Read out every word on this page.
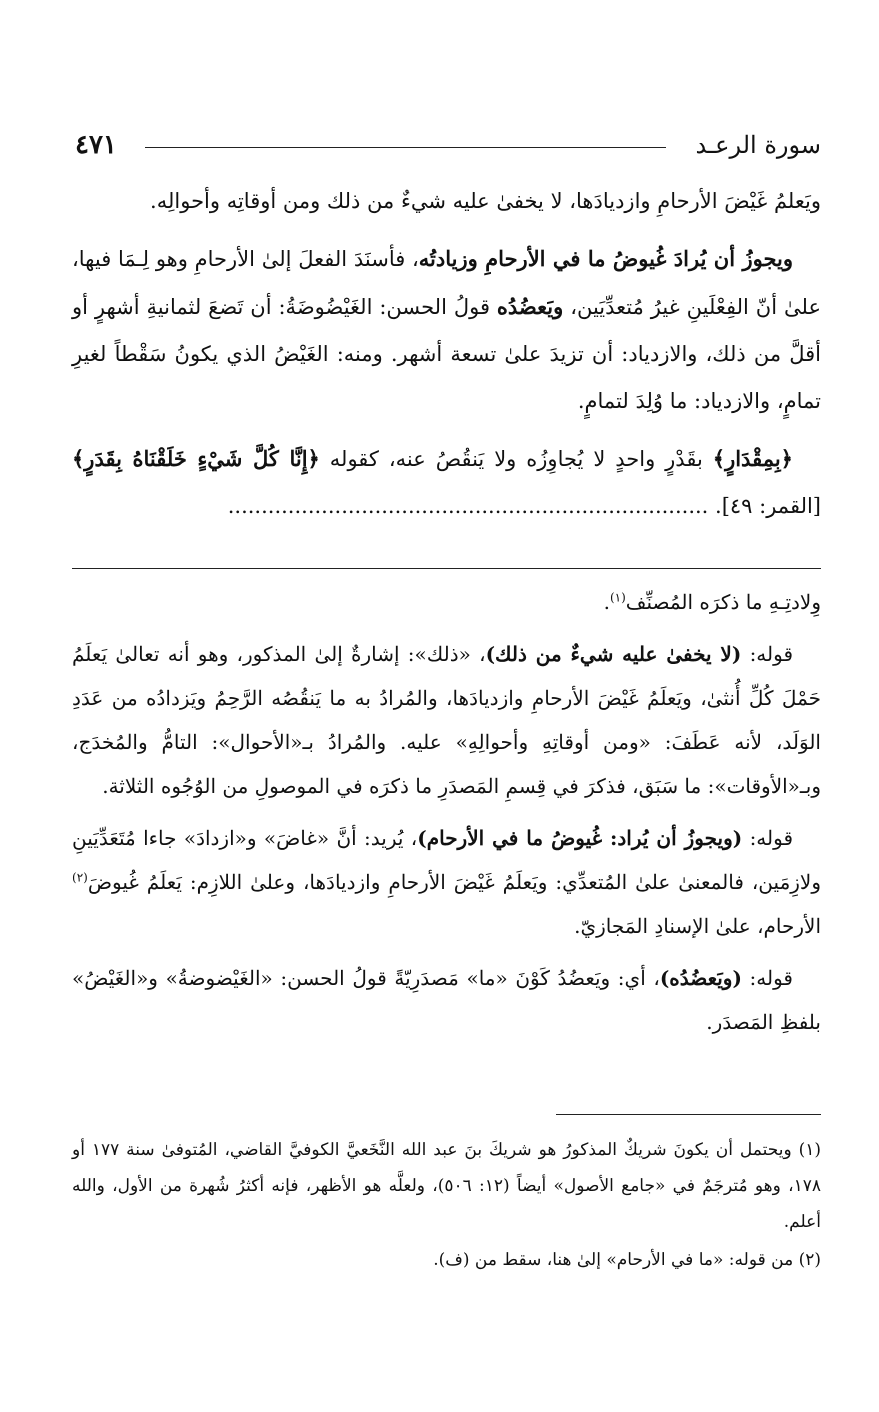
سورة الرعـد
٤٧١

ويَعلمُ غَيْضَ الأرحامِ وازديادَها، لا يخفىٰ عليه شيءٌ من ذلك ومن أوقاتِه وأحوالِه.

ويجوزُ أن يُرادَ غُيوضُ ما في الأرحامِ وزيادتُه، فأسنَدَ الفعلَ إلىٰ الأرحامِ وهو لِـمَا فيها، علىٰ أنّ الفِعْلَينِ غيرُ مُتعدِّيَين، ويَعضُدُه قولُ الحسن: الغَيْضُوضَةُ: أن تَضعَ لثمانيةِ أشهرٍ أو أقلَّ من ذلك، والازدياد: أن تزيدَ علىٰ تسعة أشهر. ومنه: الغَيْضُ الذي يكونُ سَقْطاً لغيرِ تمامٍ، والازدياد: ما وُلِدَ لتمامٍ.

﴿بِمِقْدَارٍ﴾ بقَدْرٍ واحدٍ لا يُجاوِزُه ولا يَنقُصُ عنه، كقوله ﴿إِنَّا كُلَّ شَيْءٍ خَلَقْنَاهُ بِقَدَرٍ﴾ [القمر: ٤٩]. ........................................................................

وِلادتِـهِ ما ذكرَه المُصنِّف$^{(١)}$.

قوله: (لا يخفىٰ عليه شيءٌ من ذلك)، «ذلك»: إشارةٌ إلىٰ المذكور، وهو أنه تعالىٰ يَعلَمُ حَمْلَ كُلِّ أُنثىٰ، ويَعلَمُ غَيْضَ الأرحامِ وازديادَها، والمُرادُ به ما يَنقُصُه الرَّحِمُ ويَزدادُه من عَدَدِ الوَلَد، لأنه عَطَفَ: «ومن أوقاتِهِ وأحوالِهِ» عليه. والمُرادُ بـ«الأحوال»: التامُّ والمُخدَج، وبـ«الأوقات»: ما سَبَق، فذكرَ في قِسمِ المَصدَرِ ما ذكرَه في الموصولِ من الوُجُوه الثلاثة.

قوله: (ويجوزُ أن يُراد: غُيوضُ ما في الأرحام)، يُريد: أنَّ «غاضَ» و«ازدادَ» جاءا مُتَعَدِّيَينِ ولازِمَين، فالمعنىٰ علىٰ المُتعدِّي: ويَعلَمُ غَيْضَ الأرحامِ وازديادَها، وعلىٰ اللازِم: يَعلَمُ غُيوضَ$^{(٢)}$ الأرحام، علىٰ الإسنادِ المَجازيّ.

قوله: (ويَعضُدُه)، أي: ويَعضُدُ كَوْنَ «ما» مَصدَرِيّةً قولُ الحسن: «الغَيْضوضةُ» و«الغَيْضُ» بلفظِ المَصدَر.

(١) ويحتمل أن يكونَ شريكٌ المذكورُ هو شريكَ بنَ عبد الله النَّخَعيَّ الكوفيَّ القاضي، المُتوفىٰ سنة ١٧٧ أو ١٧٨، وهو مُترجَمٌ في «جامع الأصول» أيضاً (١٢: ٥٠٦)، ولعلَّه هو الأظهر، فإنه أكثرُ شُهرة من الأول، والله أعلم.

(٢) من قوله: «ما في الأرحام» إلىٰ هنا، سقط من (ف).
